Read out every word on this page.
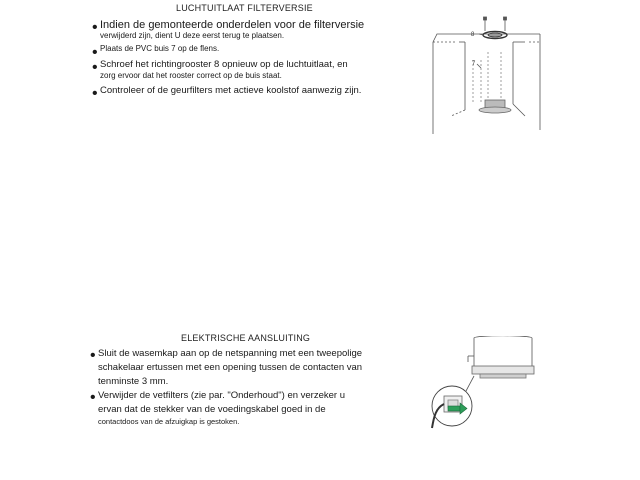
LUCHTUITLAAT FILTERVERSIE
• Indien de gemonteerde onderdelen voor de filterversie
verwijderd zijn, dient U deze eerst terug te plaatsen.
• Plaats de PVC buis 7 op de flens.
• Schroef het richtingrooster 8 opnieuw op de luchtuitlaat, en
zorg ervoor dat het rooster correct op de buis staat.
• Controleer of de geurfilters met actieve koolstof aanwezig zijn.
8
7
ELEKTRISCHE AANSLUITING
• Sluit de wasemkap aan op de netspanning met een tweepolige
schakelaar ertussen met een opening tussen de contacten van
tenminste 3 mm.
• Verwijder de vetfilters (zie par. "Onderhoud") en verzeker u
ervan dat de stekker van de voedingskabel goed in de
contactdoos van de afzuigkap is gestoken.
